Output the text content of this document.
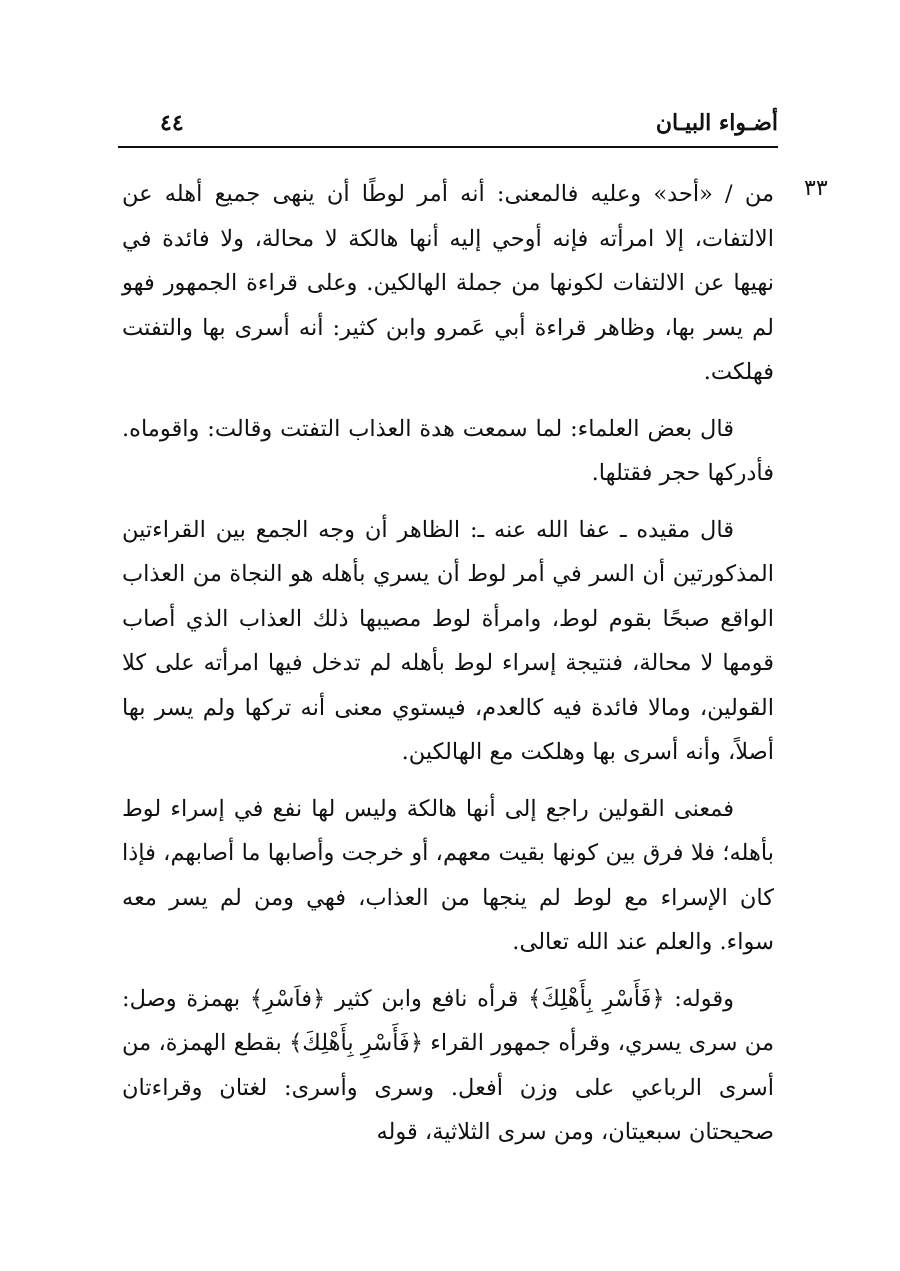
أضـواء البيـان
٤٤
٣٣

من / «أحد» وعليه فالمعنى: أنه أمر لوطًا أن ينهى جميع أهله عن الالتفات، إلا امرأته فإنه أوحي إليه أنها هالكة لا محالة، ولا فائدة في نهيها عن الالتفات لكونها من جملة الهالكين. وعلى قراءة الجمهور فهو لم يسر بها، وظاهر قراءة أبي عَمرو وابن كثير: أنه أسرى بها والتفتت فهلكت.

قال بعض العلماء: لما سمعت هدة العذاب التفتت وقالت: واقوماه. فأدركها حجر فقتلها.

قال مقيده ـ عفا الله عنه ـ: الظاهر أن وجه الجمع بين القراءتين المذكورتين أن السر في أمر لوط أن يسري بأهله هو النجاة من العذاب الواقع صبحًا بقوم لوط، وامرأة لوط مصيبها ذلك العذاب الذي أصاب قومها لا محالة، فنتيجة إسراء لوط بأهله لم تدخل فيها امرأته على كلا القولين، ومالا فائدة فيه كالعدم، فيستوي معنى أنه تركها ولم يسر بها أصلاً، وأنه أسرى بها وهلكت مع الهالكين.

فمعنى القولين راجع إلى أنها هالكة وليس لها نفع في إسراء لوط بأهله؛ فلا فرق بين كونها بقيت معهم، أو خرجت وأصابها ما أصابهم، فإذا كان الإسراء مع لوط لم ينجها من العذاب، فهي ومن لم يسر معه سواء. والعلم عند الله تعالى.

وقوله: ﴿فَأَسْرِ بِأَهْلِكَ﴾ قرأه نافع وابن كثير ﴿فاَسْرِ﴾ بهمزة وصل: من سرى يسري، وقرأه جمهور القراء ﴿فَأَسْرِ بِأَهْلِكَ﴾ بقطع الهمزة، من أسرى الرباعي على وزن أفعل. وسرى وأسرى: لغتان وقراءتان صحيحتان سبعيتان، ومن سرى الثلاثية، قوله
